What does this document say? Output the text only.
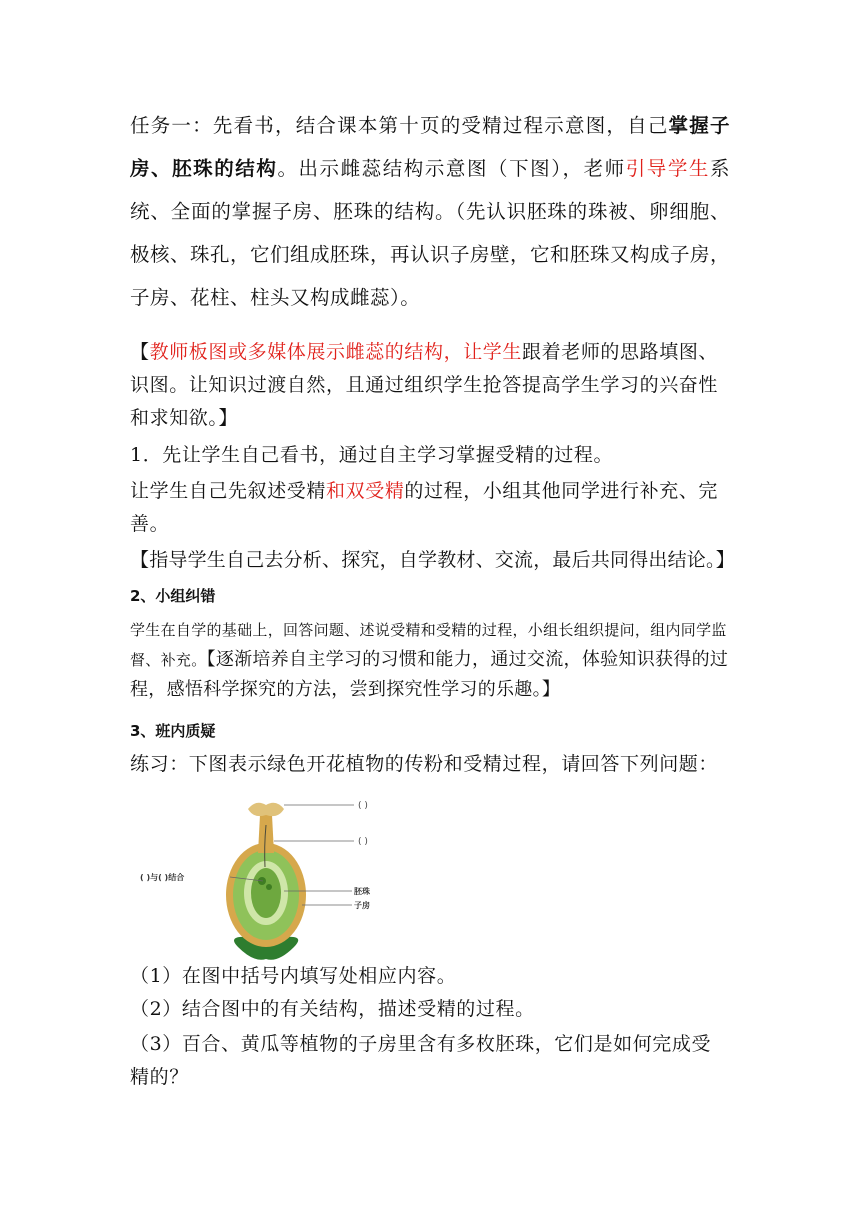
任务一：先看书，结合课本第十页的受精过程示意图，自己掌握子房、胚珠的结构。出示雌蕊结构示意图（下图），老师引导学生系统、全面的掌握子房、胚珠的结构。（先认识胚珠的珠被、卵细胞、极核、珠孔，它们组成胚珠，再认识子房壁，它和胚珠又构成子房，子房、花柱、柱头又构成雌蕊）。

【教师板图或多媒体展示雌蕊的结构，让学生跟着老师的思路填图、识图。让知识过渡自然，且通过组织学生抢答提高学生学习的兴奋性和求知欲。】

1．先让学生自己看书，通过自主学习掌握受精的过程。

让学生自己先叙述受精和双受精的过程，小组其他同学进行补充、完善。

【指导学生自己去分析、探究，自学教材、交流，最后共同得出结论。】

2、小组纠错

学生在自学的基础上，回答问题、述说受精和受精的过程，小组长组织提问，组内同学监督、补充。【逐渐培养自主学习的习惯和能力，通过交流，体验知识获得的过程，感悟科学探究的方法，尝到探究性学习的乐趣。】

3、班内质疑

练习：下图表示绿色开花植物的传粉和受精过程，请回答下列问题：

( )
( )
( )与( )结合
胚珠
子房

（1）在图中括号内填写处相应内容。

（2）结合图中的有关结构，描述受精的过程。

（3）百合、黄瓜等植物的子房里含有多枚胚珠，它们是如何完成受精的？
